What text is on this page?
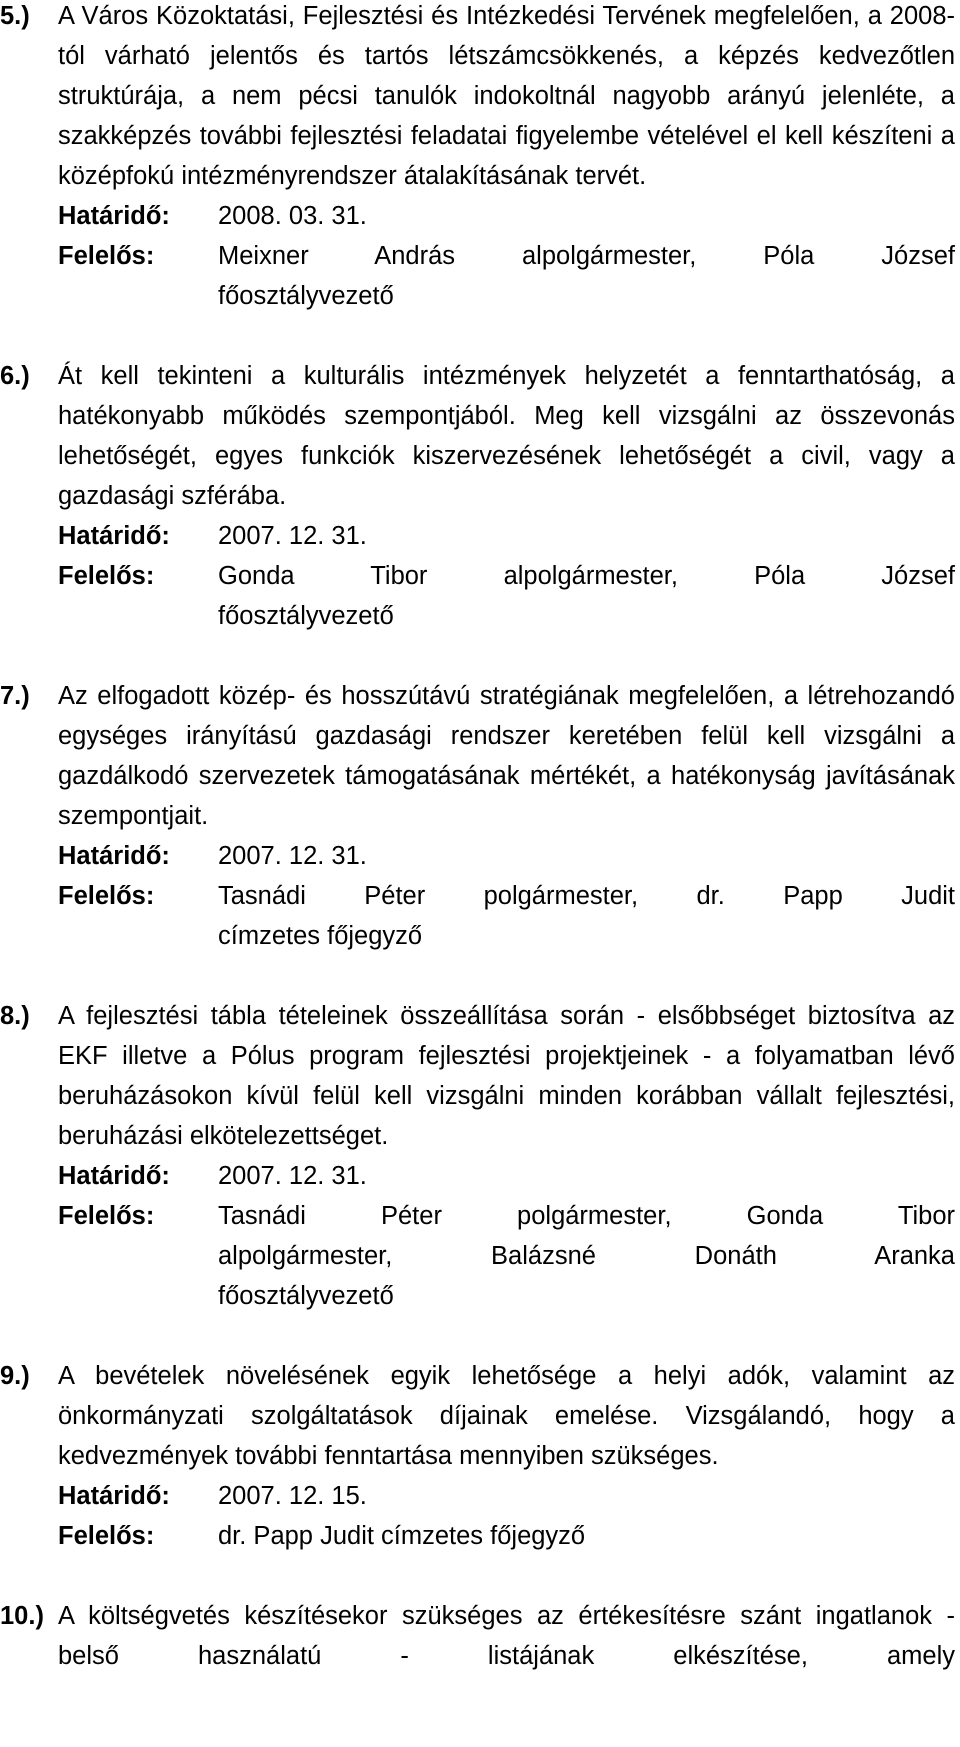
5.) A Város Közoktatási, Fejlesztési és Intézkedési Tervének megfelelően, a 2008-tól várható jelentős és tartós létszámcsökkenés, a képzés kedvezőtlen struktúrája, a nem pécsi tanulók indokoltnál nagyobb arányú jelenléte, a szakképzés további fejlesztési feladatai figyelembe vételével el kell készíteni a középfokú intézményrendszer átalakításának tervét.
Határidő: 2008. 03. 31.
Felelős: Meixner András alpolgármester, Póla József
főosztályvezető
6.) Át kell tekinteni a kulturális intézmények helyzetét a fenntarthatóság, a hatékonyabb működés szempontjából. Meg kell vizsgálni az összevonás lehetőségét, egyes funkciók kiszervezésének lehetőségét a civil, vagy a gazdasági szférába.
Határidő: 2007. 12. 31.
Felelős: Gonda Tibor alpolgármester, Póla József
főosztályvezető
7.) Az elfogadott közép- és hosszútávú stratégiának megfelelően, a létrehozandó egységes irányítású gazdasági rendszer keretében felül kell vizsgálni a gazdálkodó szervezetek támogatásának mértékét, a hatékonyság javításának szempontjait.
Határidő: 2007. 12. 31.
Felelős: Tasnádi Péter polgármester, dr. Papp Judit
címzetes főjegyző
8.) A fejlesztési tábla tételeinek összeállítása során - elsőbbséget biztosítva az EKF illetve a Pólus program fejlesztési projektjeinek - a folyamatban lévő beruházásokon kívül felül kell vizsgálni minden korábban vállalt fejlesztési, beruházási elkötelezettséget.
Határidő: 2007. 12. 31.
Felelős: Tasnádi Péter polgármester, Gonda Tibor
alpolgármester, Balázsné Donáth Aranka
főosztályvezető
9.) A bevételek növelésének egyik lehetősége a helyi adók, valamint az önkormányzati szolgáltatások díjainak emelése. Vizsgálandó, hogy a kedvezmények további fenntartása mennyiben szükséges.
Határidő: 2007. 12. 15.
Felelős: dr. Papp Judit címzetes főjegyző
10.) A költségvetés készítésekor szükséges az értékesítésre szánt ingatlanok - belső használatú - listájának elkészítése, amely
